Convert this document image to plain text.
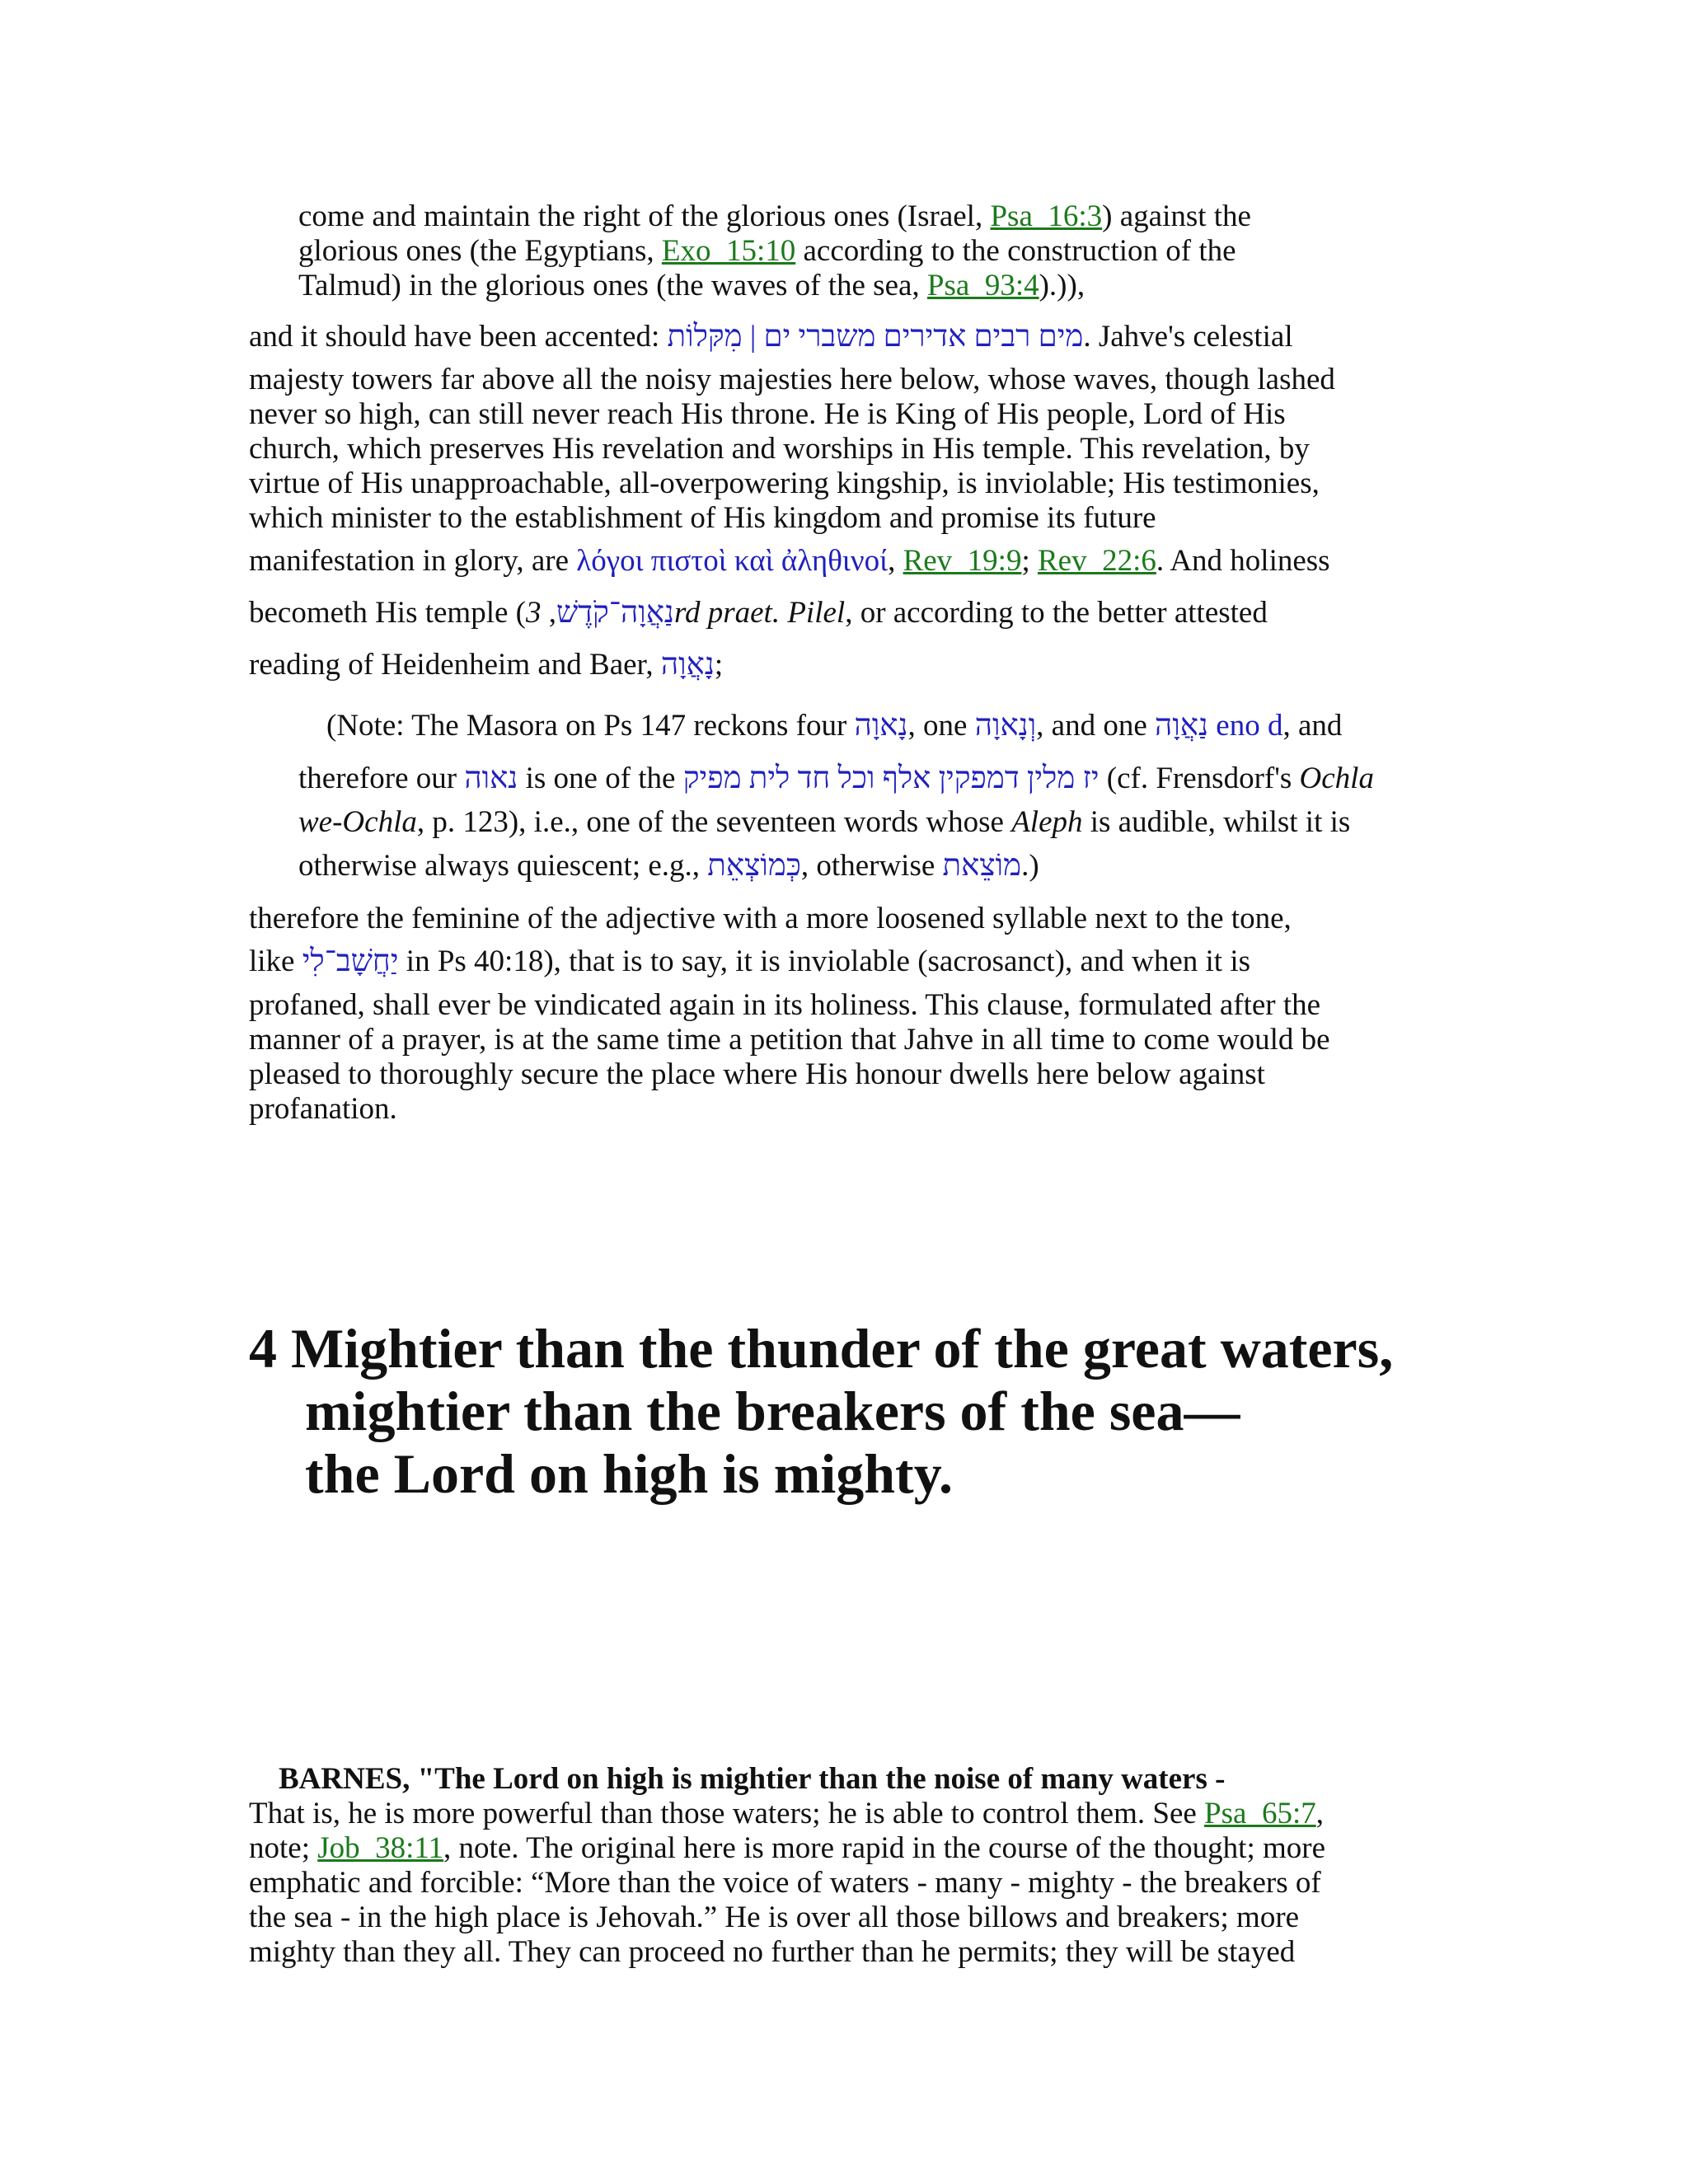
come and maintain the right of the glorious ones (Israel, Psa_16:3) against the

glorious ones (the Egyptians, Exo_15:10 according to the construction of the

Talmud) in the glorious ones (the waves of the sea, Psa_93:4).)),

and it should have been accented: מים רבים אדירים משברי ים | מִקּלוֹת. Jahve's celestial

majesty towers far above all the noisy majesties here below, whose waves, though lashed

never so high, can still never reach His throne. He is King of His people, Lord of His

church, which preserves His revelation and worships in His temple. This revelation, by

virtue of His unapproachable, all-overpowering kingship, is inviolable; His testimonies,

which minister to the establishment of His kingdom and promise its future

manifestation in glory, are λόγοι πιστοὶ καὶ ἀληθινοί, Rev_19:9; Rev_22:6. And holiness

becometh His temple ( נַאֲוָה־קֹדֶשׁ, 3rd praet. Pilel, or according to the better attested

reading of Heidenheim and Baer, נָאֲוָה;

(Note: The Masora on Ps 147 reckons four נָאוָה, one וְנָאוָה, and one נַאֲוָה eno d, and

therefore our נאוה is one of the יז מלין דמפקין אלף וכל חד לית מפיק (cf. Frensdorf's Ochla

we-Ochla, p. 123), i.e., one of the seventeen words whose Aleph is audible, whilst it is

otherwise always quiescent; e.g., כְּמוֹצְאֵת, otherwise מוֹצֵאת.)

therefore the feminine of the adjective with a more loosened syllable next to the tone,

like יַחֲשָׁב־לִי in Ps 40:18), that is to say, it is inviolable (sacrosanct), and when it is

profaned, shall ever be vindicated again in its holiness. This clause, formulated after the

manner of a prayer, is at the same time a petition that Jahve in all time to come would be

pleased to thoroughly secure the place where His honour dwells here below against

profanation.

4 Mightier than the thunder of the great waters,
mightier than the breakers of the sea—
the Lord on high is mighty.

BARNES, "The Lord on high is mightier than the noise of many waters -

That is, he is more powerful than those waters; he is able to control them. See Psa_65:7,

note; Job_38:11, note. The original here is more rapid in the course of the thought; more

emphatic and forcible: “More than the voice of waters - many - mighty - the breakers of

the sea - in the high place is Jehovah.” He is over all those billows and breakers; more

mighty than they all. They can proceed no further than he permits; they will be stayed
